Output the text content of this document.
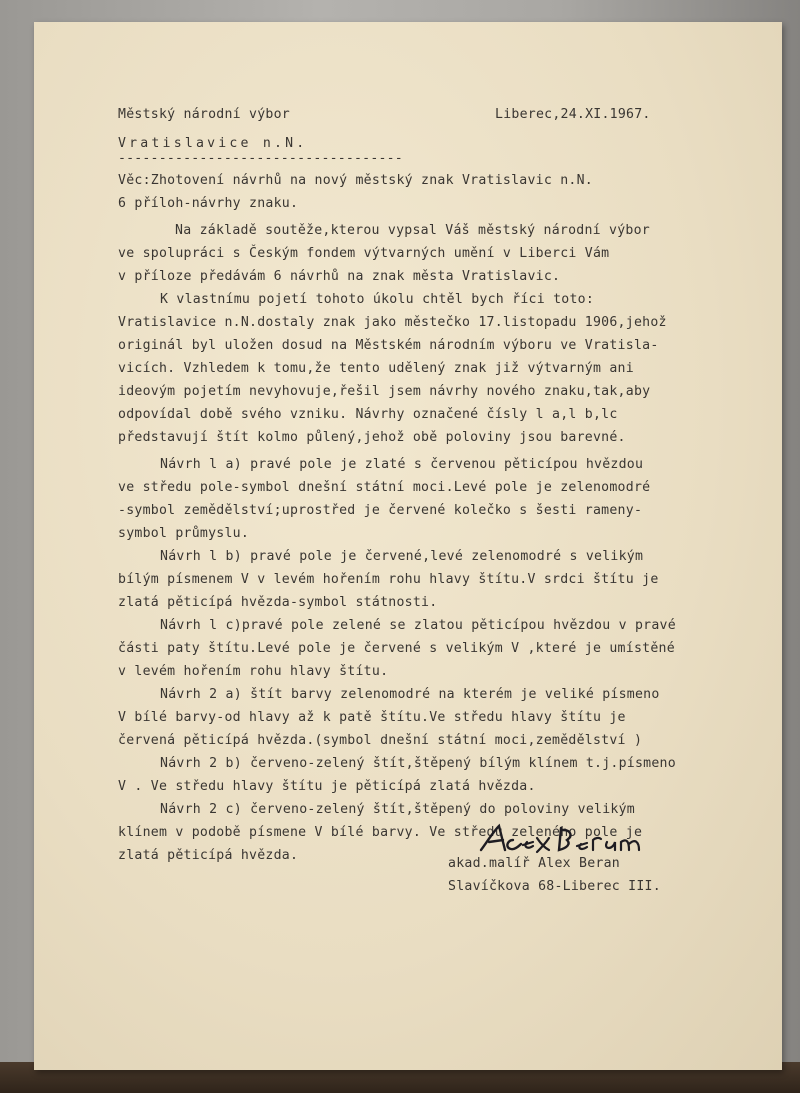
Městský národní výbor	Liberec,24.XI.1967.
Vratislavice n.N.
-----------------------------------
Věc:Zhotovení návrhů na nový městský znak Vratislavic n.N.
6 příloh-návrhy znaku.
Na základě soutěže,kterou vypsal Váš městský národní výbor
ve spolupráci s Českým fondem výtvarných umění v Liberci Vám
v příloze předávám 6 návrhů na znak města Vratislavic.
K vlastnímu pojetí tohoto úkolu chtěl bych říci toto:
Vratislavice n.N.dostaly znak jako městečko 17.listopadu 1906,jehož
originál byl uložen dosud na Městském národním výboru ve Vratisla-
vicích. Vzhledem k tomu,že tento udělený znak již výtvarným ani
ideovým pojetím nevyhovuje,řešil jsem návrhy nového znaku,tak,aby
odpovídal době svého vzniku. Návrhy označené čísly l a,l b,lc
představují štít kolmo půlený,jehož obě poloviny jsou barevné.
Návrh l a) pravé pole je zlaté s červenou pěticípou hvězdou
ve středu pole-symbol dnešní státní moci.Levé pole je zelenomodré
-symbol zemědělství;uprostřed je červené kolečko s šesti rameny-
symbol průmyslu.
Návrh l b) pravé pole je červené,levé zelenomodré s velikým
bílým písmenem V v levém hořením rohu hlavy štítu.V srdci štítu je
zlatá pěticípá hvězda-symbol státnosti.
Návrh l c)pravé pole zelené se zlatou pěticípou hvězdou v pravé
části paty štítu.Levé pole je červené s velikým V ,které je umístěné
v levém hořením rohu hlavy štítu.
Návrh 2 a) štít barvy zelenomodré na kterém je veliké písmeno
V bílé barvy-od hlavy až k patě štítu.Ve středu hlavy štítu je
červená pěticípá hvězda.(symbol dnešní státní moci,zemědělství )
Návrh 2 b) červeno-zelený štít,štěpený bílým klínem t.j.písmeno
V . Ve středu hlavy štítu je pěticípá zlatá hvězda.
Návrh 2 c) červeno-zelený štít,štěpený do poloviny velikým
klínem v podobě písmene V bílé barvy. Ve středu zeleného pole je
zlatá pěticípá hvězda.
akad.malíř Alex Beran
Slavíčkova 68-Liberec III.
